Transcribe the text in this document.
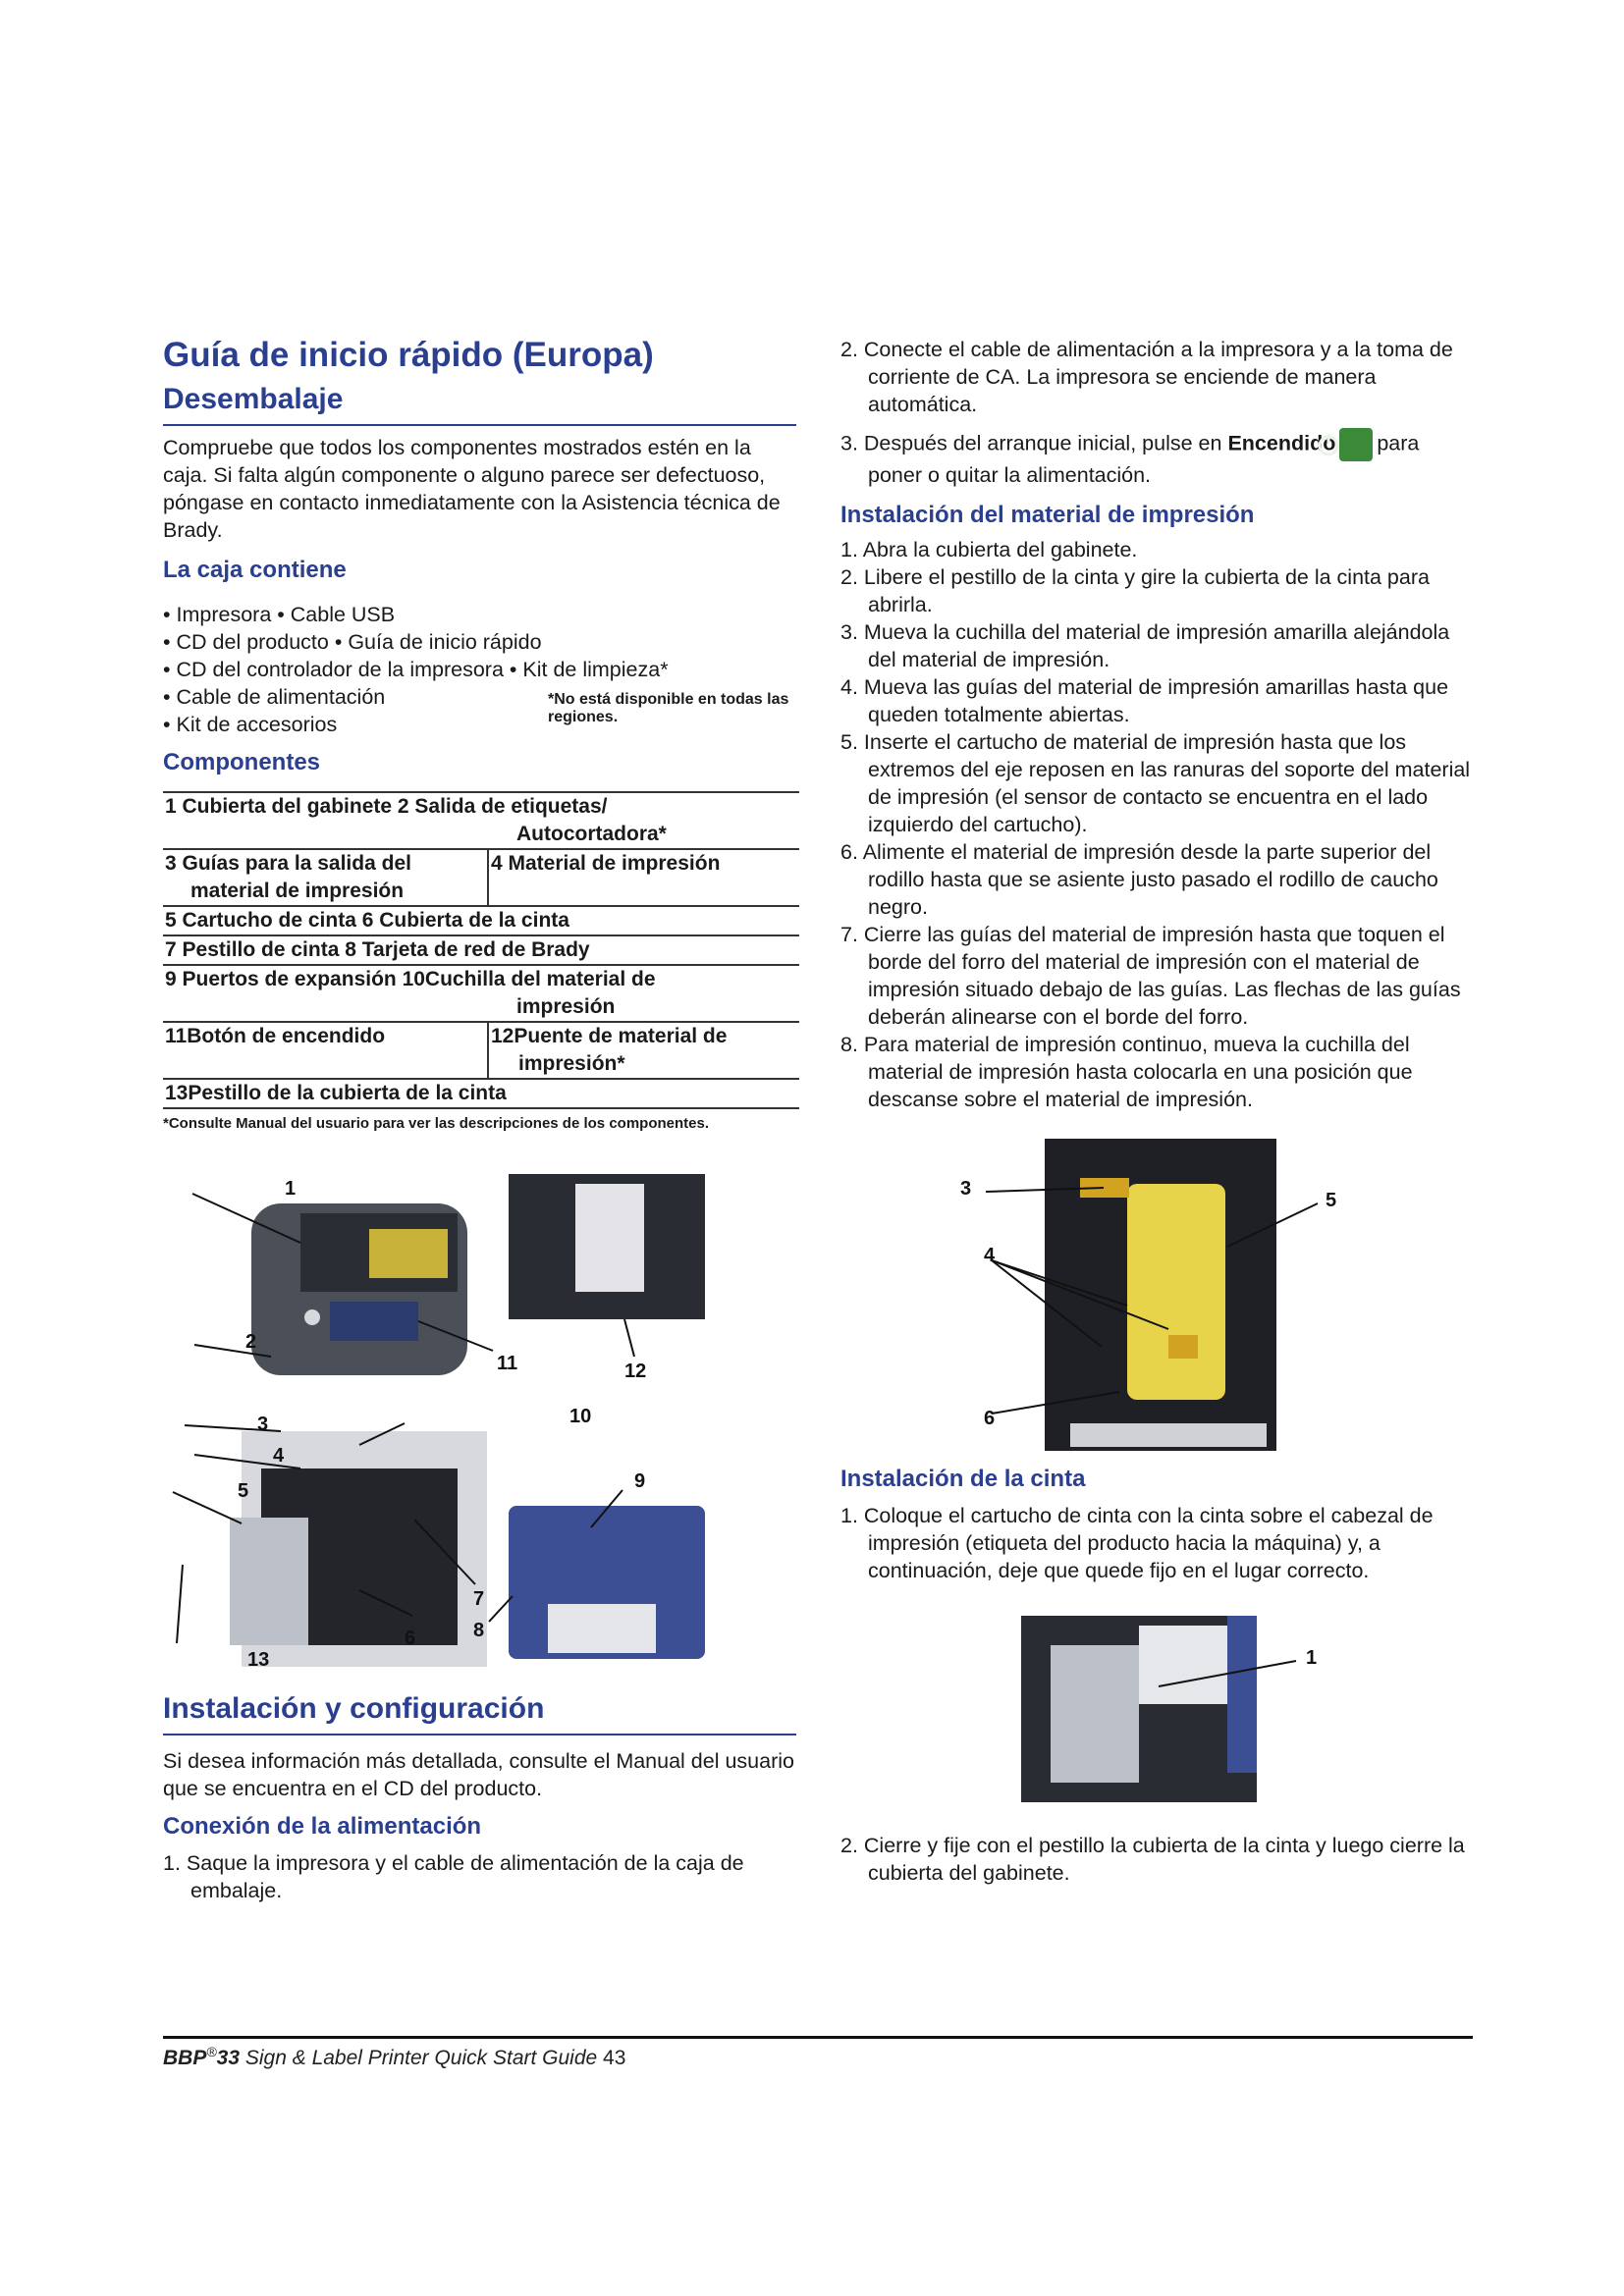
Guía de inicio rápido (Europa)
Desembalaje

Compruebe que todos los componentes mostrados estén en la caja. Si falta algún componente o alguno parece ser defectuoso, póngase en contacto inmediatamente con la Asistencia técnica de Brady.

La caja contiene
• Impresora • Cable USB
• CD del producto • Guía de inicio rápido
• CD del controlador de la impresora • Kit de limpieza*
• Cable de alimentación
• Kit de accesorios
*No está disponible en todas las regiones.
Componentes
1 Cubierta del gabinete 2 Salida de etiquetas/
Autocortadora*	
3 Guías para la salida del
material de impresión	4 Material de impresión
5 Cartucho de cinta 6 Cubierta de la cinta	
7 Pestillo de cinta 8 Tarjeta de red de Brady	
9 Puertos de expansión 10Cuchilla del material de
impresión	
11Botón de encendido	12Puente de material de
impresión*
13Pestillo de la cubierta de la cinta	
*Consulte Manual del usuario para ver las descripciones de los componentes.
1
2
3
4
5
6
7
8
9
10
11	12
13
Instalación y configuración

Si desea información más detallada, consulte el Manual del usuario que se encuentra en el CD del producto.

Conexión de la alimentación
1. Saque la impresora y el cable de alimentación de la caja de embalaje.
2. Conecte el cable de alimentación a la impresora y a la toma de corriente de CA. La impresora se enciende de manera automática.
3. Después del arranque inicial, pulse en Encendido para poner o quitar la alimentación.
Instalación del material de impresión
1. Abra la cubierta del gabinete.
2. Libere el pestillo de la cinta y gire la cubierta de la cinta para abrirla.
3. Mueva la cuchilla del material de impresión amarilla alejándola del material de impresión.
4. Mueva las guías del material de impresión amarillas hasta que queden totalmente abiertas.
5. Inserte el cartucho de material de impresión hasta que los extremos del eje reposen en las ranuras del soporte del material de impresión (el sensor de contacto se encuentra en el lado izquierdo del cartucho).
6. Alimente el material de impresión desde la parte superior del rodillo hasta que se asiente justo pasado el rodillo de caucho negro.
7. Cierre las guías del material de impresión hasta que toquen el borde del forro del material de impresión con el material de impresión situado debajo de las guías. Las flechas de las guías deberán alinearse con el borde del forro.
8. Para material de impresión continuo, mueva la cuchilla del material de impresión hasta colocarla en una posición que descanse sobre el material de impresión.
3
4
5
6
Instalación de la cinta
1. Coloque el cartucho de cinta con la cinta sobre el cabezal de impresión (etiqueta del producto hacia la máquina) y, a continuación, deje que quede fijo en el lugar correcto.
1
2. Cierre y fije con el pestillo la cubierta de la cinta y luego cierre la cubierta del gabinete.
BBP®33 Sign & Label Printer Quick Start Guide 43
